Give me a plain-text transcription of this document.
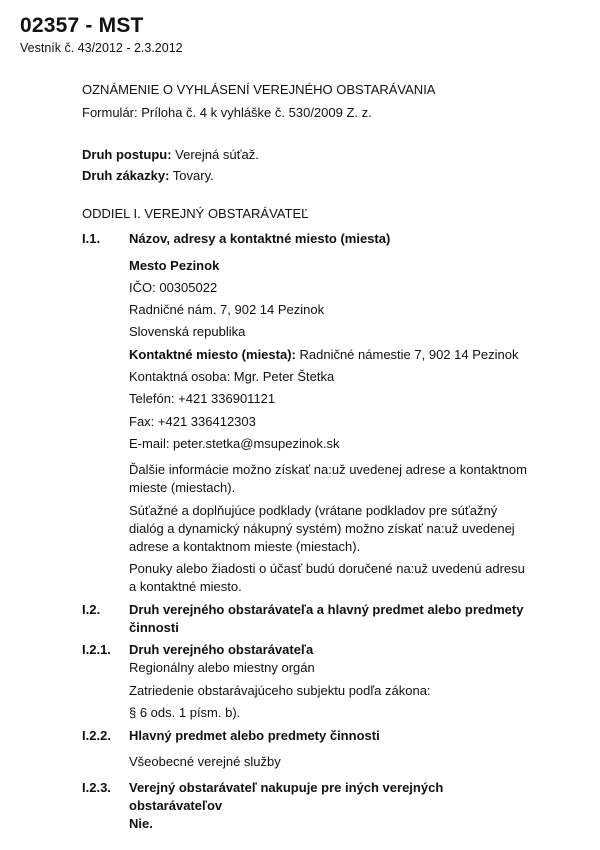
02357 - MST
Vestník č. 43/2012 - 2.3.2012
OZNÁMENIE O VYHLÁSENÍ VEREJNÉHO OBSTARÁVANIA
Formulár: Príloha č. 4 k vyhláške č. 530/2009 Z. z.
Druh postupu: Verejná súťaž.
Druh zákazky: Tovary.
ODDIEL I. VEREJNÝ OBSTARÁVATEĽ
I.1. Názov, adresy a kontaktné miesto (miesta)
Mesto Pezinok
IČO: 00305022
Radničné nám. 7, 902 14 Pezinok
Slovenská republika
Kontaktné miesto (miesta): Radničné námestie 7, 902 14 Pezinok
Kontaktná osoba: Mgr. Peter Štetka
Telefón: +421 336901121
Fax: +421 336412303
E-mail: peter.stetka@msupezinok.sk
Ďalšie informácie možno získať na:už uvedenej adrese a kontaktnom
mieste (miestach).
Súťažné a doplňujúce podklady (vrátane podkladov pre súťažný
dialóg a dynamický nákupný systém) možno získať na:už uvedenej
adrese a kontaktnom mieste (miestach).
Ponuky alebo žiadosti o účasť budú doručené na:už uvedenú adresu
a kontaktné miesto.
I.2. Druh verejného obstarávateľa a hlavný predmet alebo predmety
činnosti
I.2.1. Druh verejného obstarávateľa
Regionálny alebo miestny orgán
Zatriedenie obstarávajúceho subjektu podľa zákona:
§ 6 ods. 1 písm. b).
I.2.2. Hlavný predmet alebo predmety činnosti
Všeobecné verejné služby
I.2.3. Verejný obstarávateľ nakupuje pre iných verejných
obstarávateľov
Nie.
